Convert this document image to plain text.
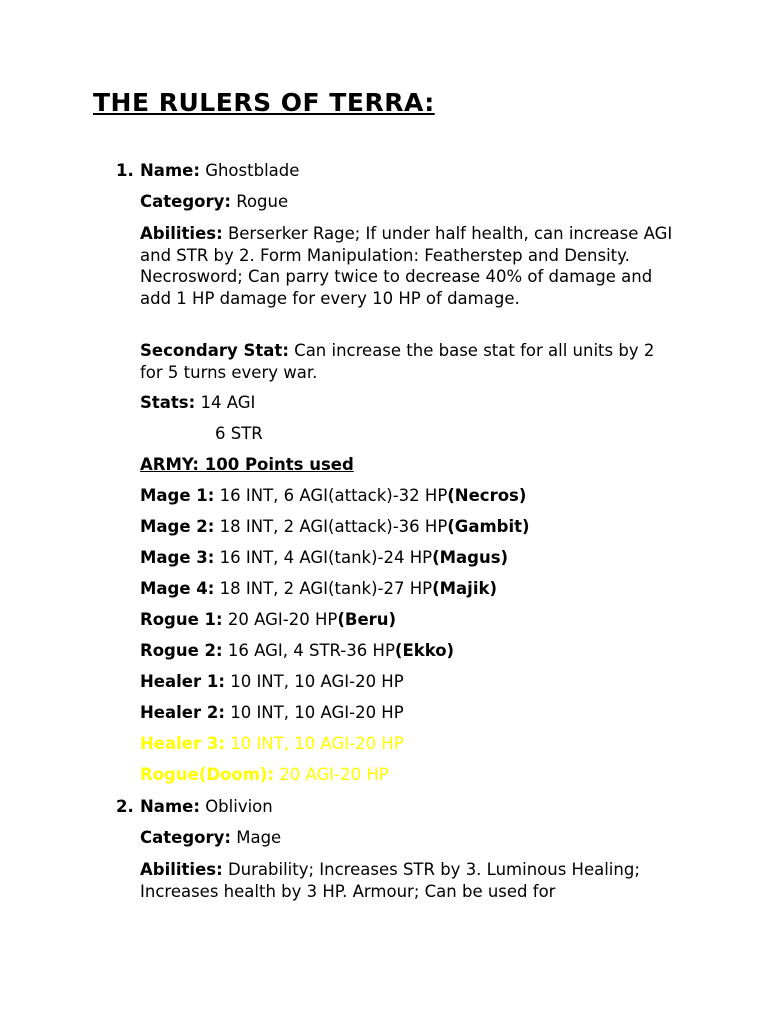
THE RULERS OF TERRA:
1. Name: Ghostblade
Category: Rogue
Abilities: Berserker Rage; If under half health, can increase AGI and STR by 2. Form Manipulation: Featherstep and Density. Necrosword; Can parry twice to decrease 40% of damage and add 1 HP damage for every 10 HP of damage.
Secondary Stat: Can increase the base stat for all units by 2 for 5 turns every war.
Stats: 14 AGI
6 STR
ARMY: 100 Points used
Mage 1: 16 INT, 6 AGI(attack)-32 HP(Necros)
Mage 2: 18 INT, 2 AGI(attack)-36 HP(Gambit)
Mage 3: 16 INT, 4 AGI(tank)-24 HP(Magus)
Mage 4: 18 INT, 2 AGI(tank)-27 HP(Majik)
Rogue 1: 20 AGI-20 HP(Beru)
Rogue 2: 16 AGI, 4 STR-36 HP(Ekko)
Healer 1: 10 INT, 10 AGI-20 HP
Healer 2: 10 INT, 10 AGI-20 HP
Healer 3: 10 INT, 10 AGI-20 HP
Rogue(Doom): 20 AGI-20 HP
2. Name: Oblivion
Category: Mage
Abilities: Durability; Increases STR by 3. Luminous Healing; Increases health by 3 HP. Armour; Can be used for
